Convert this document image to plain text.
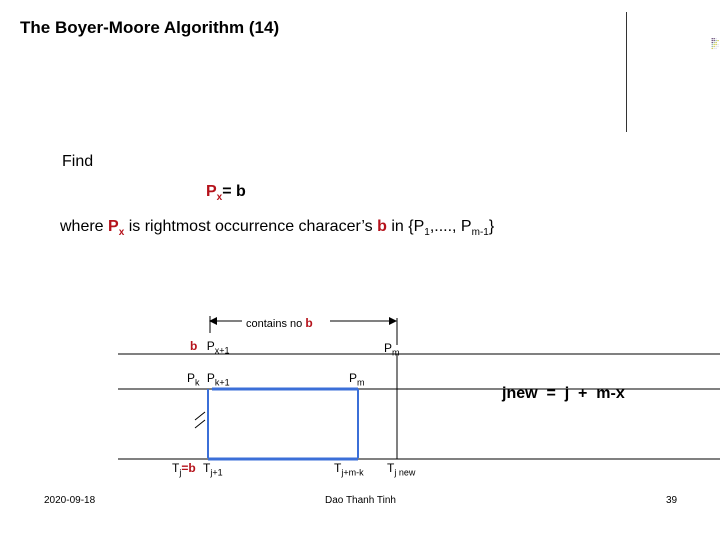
The Boyer-Moore Algorithm (14)
Find
$P_x= b$
where $P_x$ is rightmost occurrence characer’s b in {$P_1$,...., $P_{m-1}$}
contains no b
b $P_{x+1}$	$P_m$
$P_k$ $P_{k+1}$	$P_m$
$T_j=b$ $T_{j+1}$	$T_{j+m-k}$ $T_{j new}$
jnew  =  j  +  m-x
2020-09-18	Dao Thanh Tinh	39
